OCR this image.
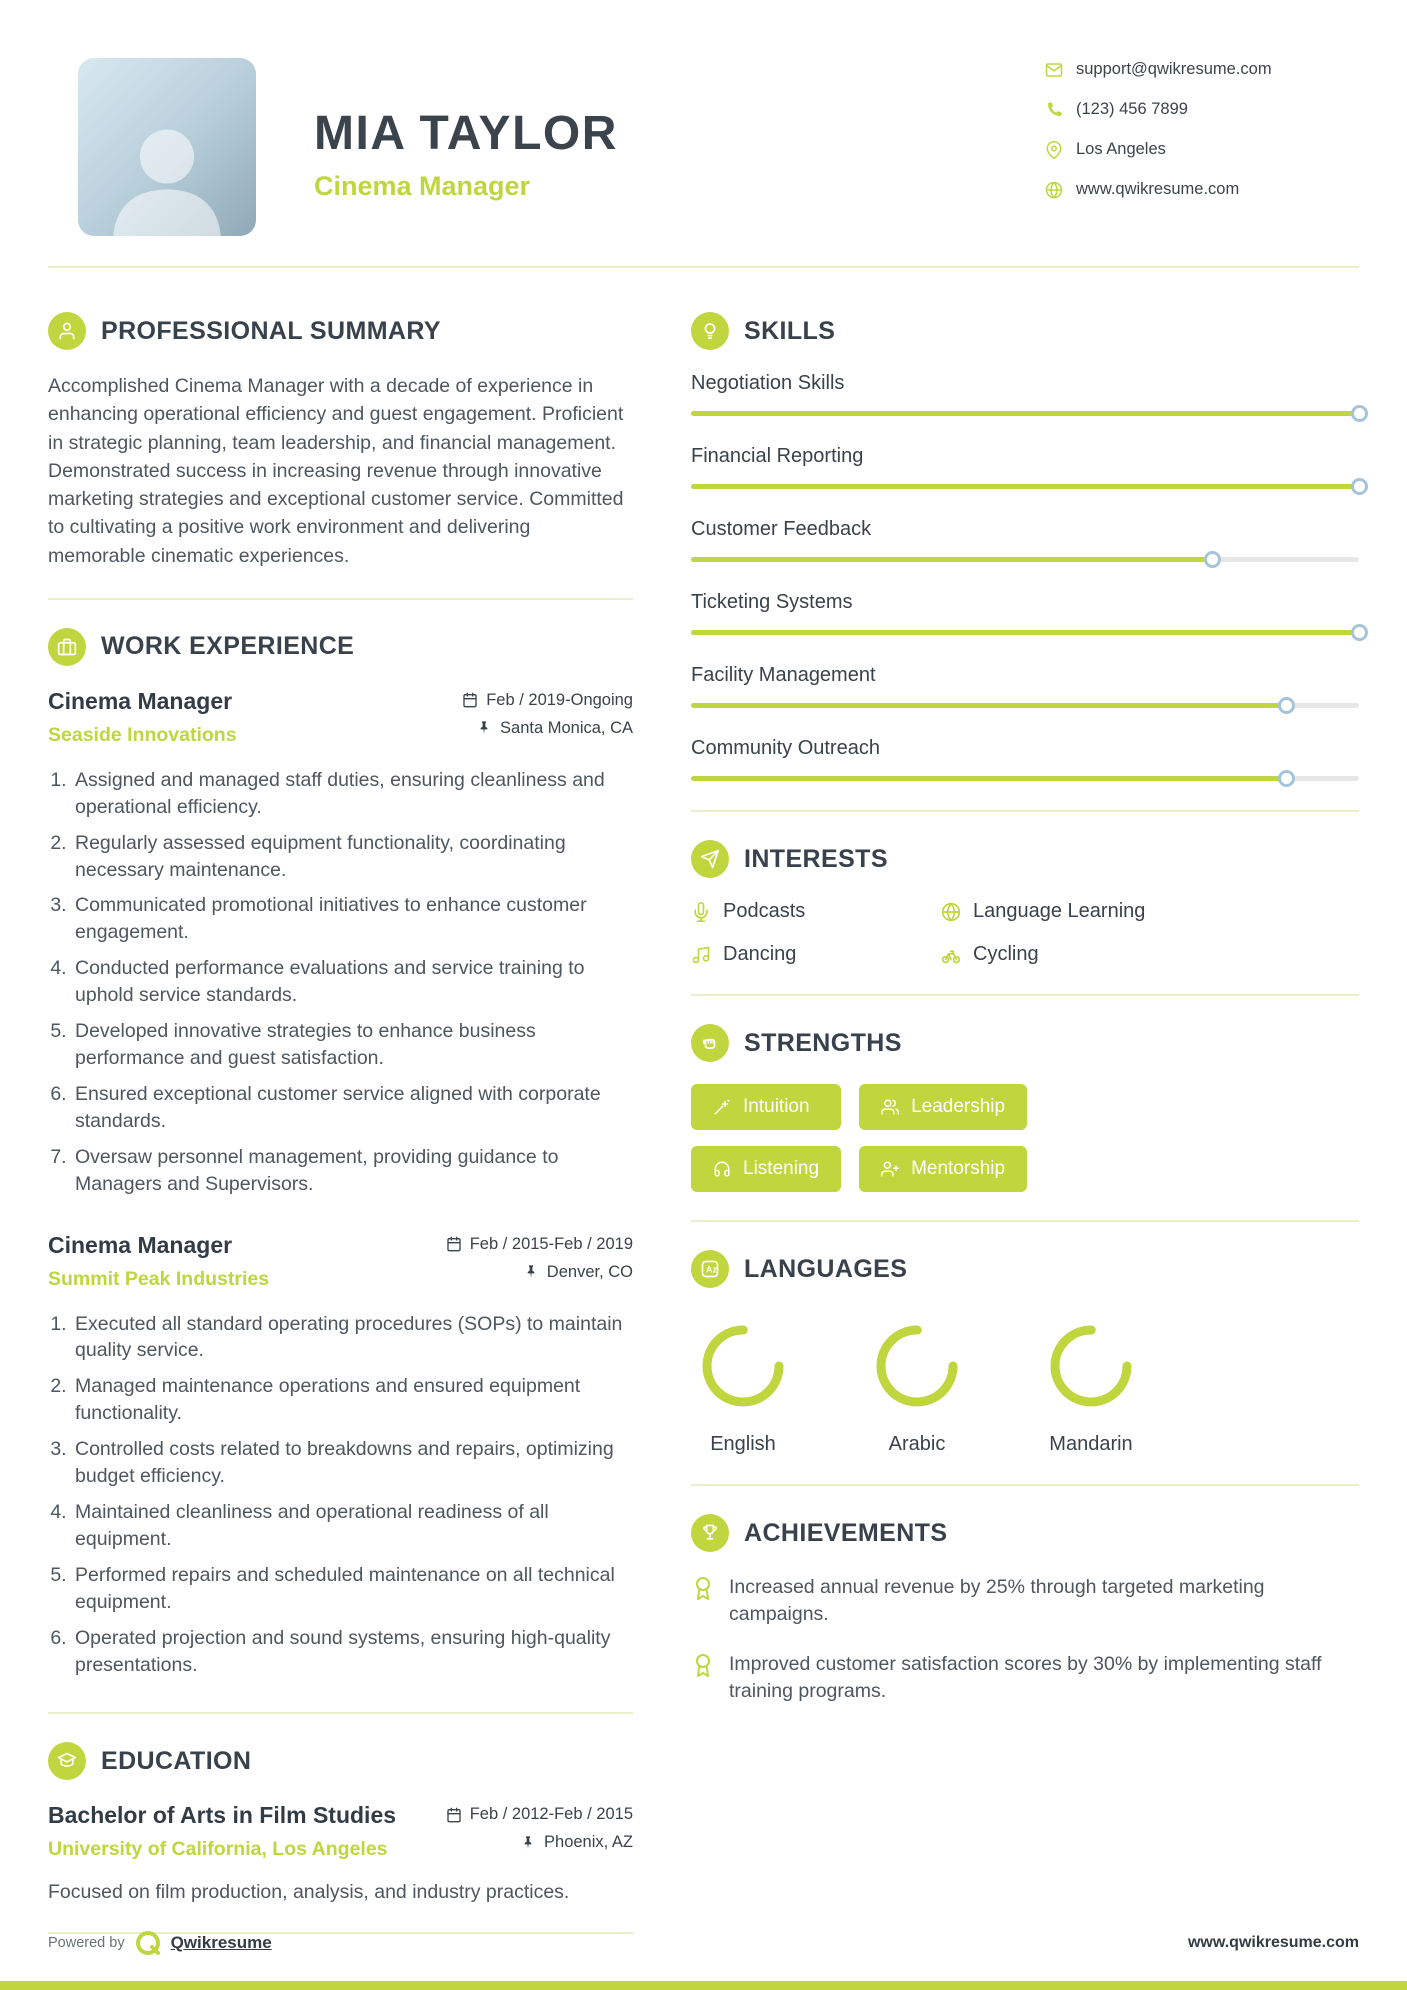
MIA TAYLOR
Cinema Manager
support@qwikresume.com
(123) 456 7899
Los Angeles
www.qwikresume.com
PROFESSIONAL SUMMARY

Accomplished Cinema Manager with a decade of experience in enhancing operational efficiency and guest engagement. Proficient in strategic planning, team leadership, and financial management. Demonstrated success in increasing revenue through innovative marketing strategies and exceptional customer service. Committed to cultivating a positive work environment and delivering memorable cinematic experiences.

WORK EXPERIENCE
Cinema Manager
Seaside Innovations
Feb / 2019-Ongoing
Santa Monica, CA
1. Assigned and managed staff duties, ensuring cleanliness and operational efficiency.
2. Regularly assessed equipment functionality, coordinating necessary maintenance.
3. Communicated promotional initiatives to enhance customer engagement.
4. Conducted performance evaluations and service training to uphold service standards.
5. Developed innovative strategies to enhance business performance and guest satisfaction.
6. Ensured exceptional customer service aligned with corporate standards.
7. Oversaw personnel management, providing guidance to Managers and Supervisors.
Cinema Manager
Summit Peak Industries
Feb / 2015-Feb / 2019
Denver, CO
1. Executed all standard operating procedures (SOPs) to maintain quality service.
2. Managed maintenance operations and ensured equipment functionality.
3. Controlled costs related to breakdowns and repairs, optimizing budget efficiency.
4. Maintained cleanliness and operational readiness of all equipment.
5. Performed repairs and scheduled maintenance on all technical equipment.
6. Operated projection and sound systems, ensuring high-quality presentations.
EDUCATION
Bachelor of Arts in Film Studies
University of California, Los Angeles
Feb / 2012-Feb / 2015
Phoenix, AZ

Focused on film production, analysis, and industry practices.

SKILLS
Negotiation Skills
Financial Reporting
Customer Feedback
Ticketing Systems
Facility Management
Community Outreach
INTERESTS
Podcasts	Language Learning
Dancing	Cycling
STRENGTHS
Intuition	Leadership
Listening	Mentorship
Az LANGUAGES
English	Arabic	Mandarin
ACHIEVEMENTS

Increased annual revenue by 25% through targeted marketing campaigns.

Improved customer satisfaction scores by 30% by implementing staff training programs.

Powered by	Qwikresume	www.qwikresume.com
